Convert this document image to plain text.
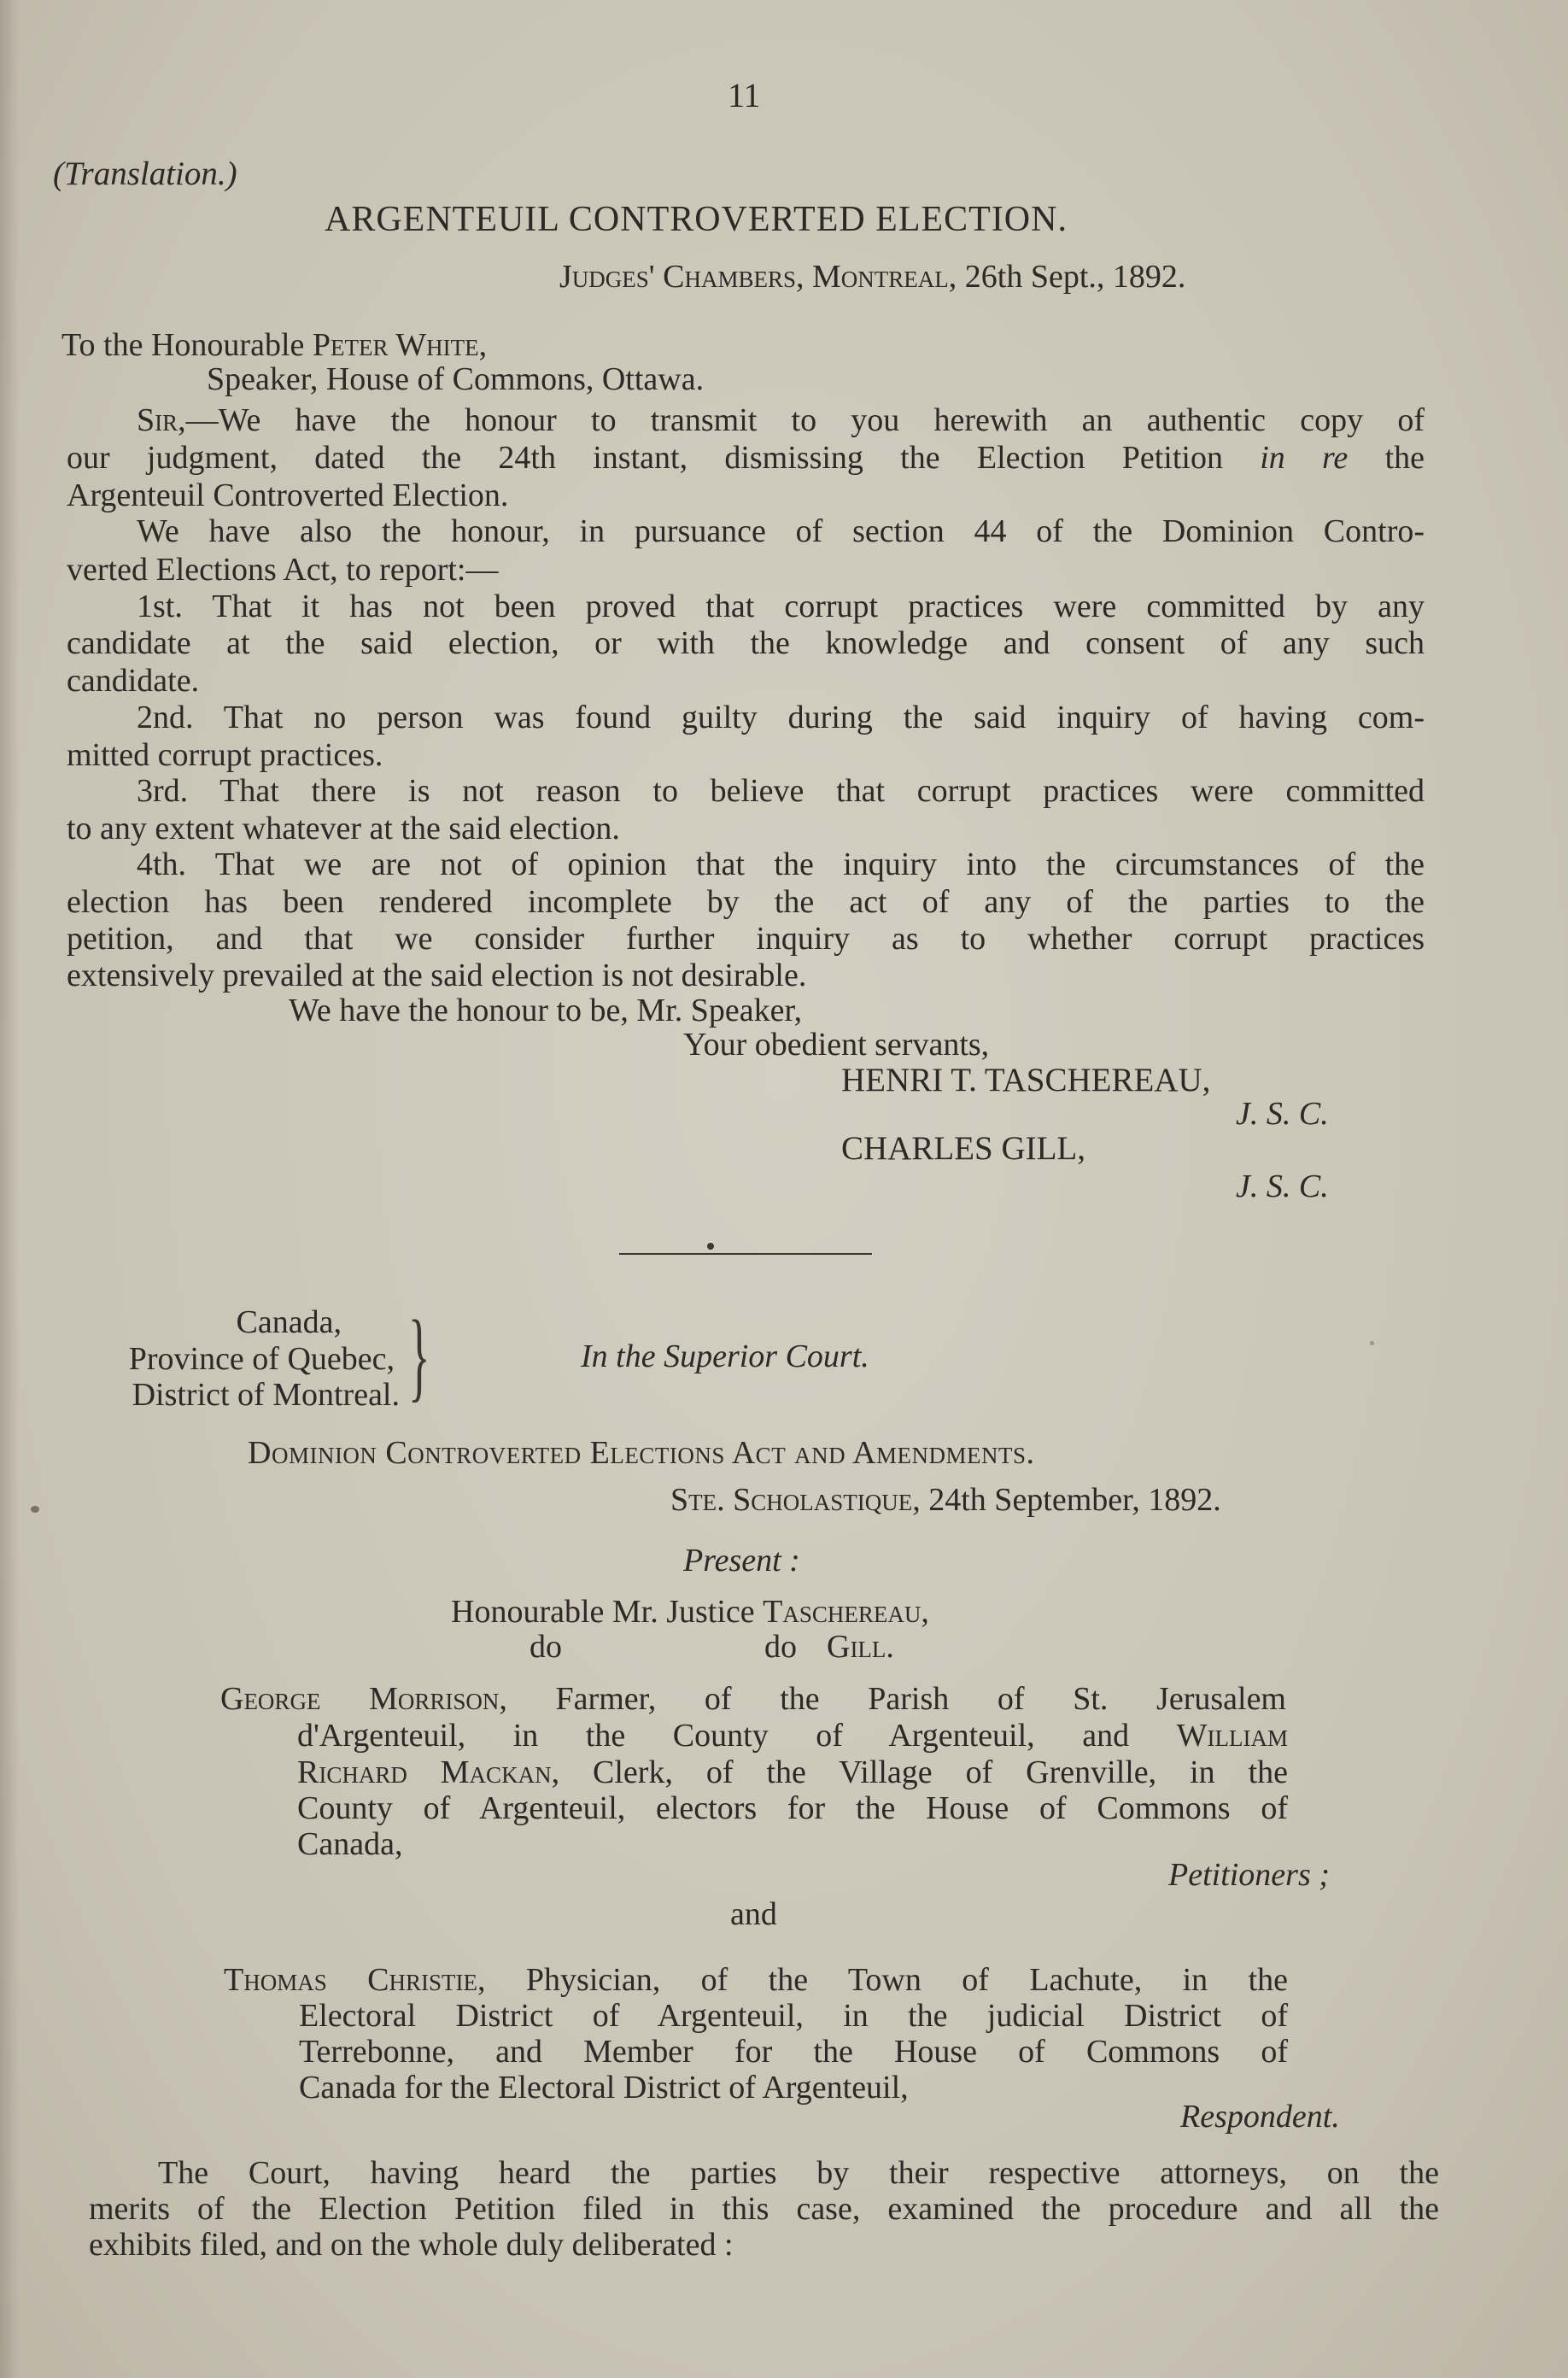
11
(Translation.)
ARGENTEUIL CONTROVERTED ELECTION.
Judges' Chambers, Montreal, 26th Sept., 1892.
To the Honourable Peter White,
Speaker, House of Commons, Ottawa.
Sir,—We have the honour to transmit to you herewith an authentic copy of
our judgment, dated the 24th instant, dismissing the Election Petition in re the
Argenteuil Controverted Election.
We have also the honour, in pursuance of section 44 of the Dominion Contro-
verted Elections Act, to report:—
1st. That it has not been proved that corrupt practices were committed by any
candidate at the said election, or with the knowledge and consent of any such
candidate.
2nd. That no person was found guilty during the said inquiry of having com-
mitted corrupt practices.
3rd. That there is not reason to believe that corrupt practices were committed
to any extent whatever at the said election.
4th. That we are not of opinion that the inquiry into the circumstances of the
election has been rendered incomplete by the act of any of the parties to the
petition, and that we consider further inquiry as to whether corrupt practices
extensively prevailed at the said election is not desirable.
We have the honour to be, Mr. Speaker,
Your obedient servants,
HENRI T. TASCHEREAU,
J. S. C.
CHARLES GILL,
J. S. C.
Canada,
Province of Quebec,
District of Montreal. }	In the Superior Court.
Dominion Controverted Elections Act and Amendments.
Ste. Scholastique, 24th September, 1892.
Present :
Honourable Mr. Justice Taschereau,
do	do Gill.
George Morrison, Farmer, of the Parish of St. Jerusalem
d'Argenteuil, in the County of Argenteuil, and William
Richard Mackan, Clerk, of the Village of Grenville, in the
County of Argenteuil, electors for the House of Commons of
Canada,
Petitioners ;
and
Thomas Christie, Physician, of the Town of Lachute, in the
Electoral District of Argenteuil, in the judicial District of
Terrebonne, and Member for the House of Commons of
Canada for the Electoral District of Argenteuil,
Respondent.
The Court, having heard the parties by their respective attorneys, on the
merits of the Election Petition filed in this case, examined the procedure and all the
exhibits filed, and on the whole duly deliberated :
